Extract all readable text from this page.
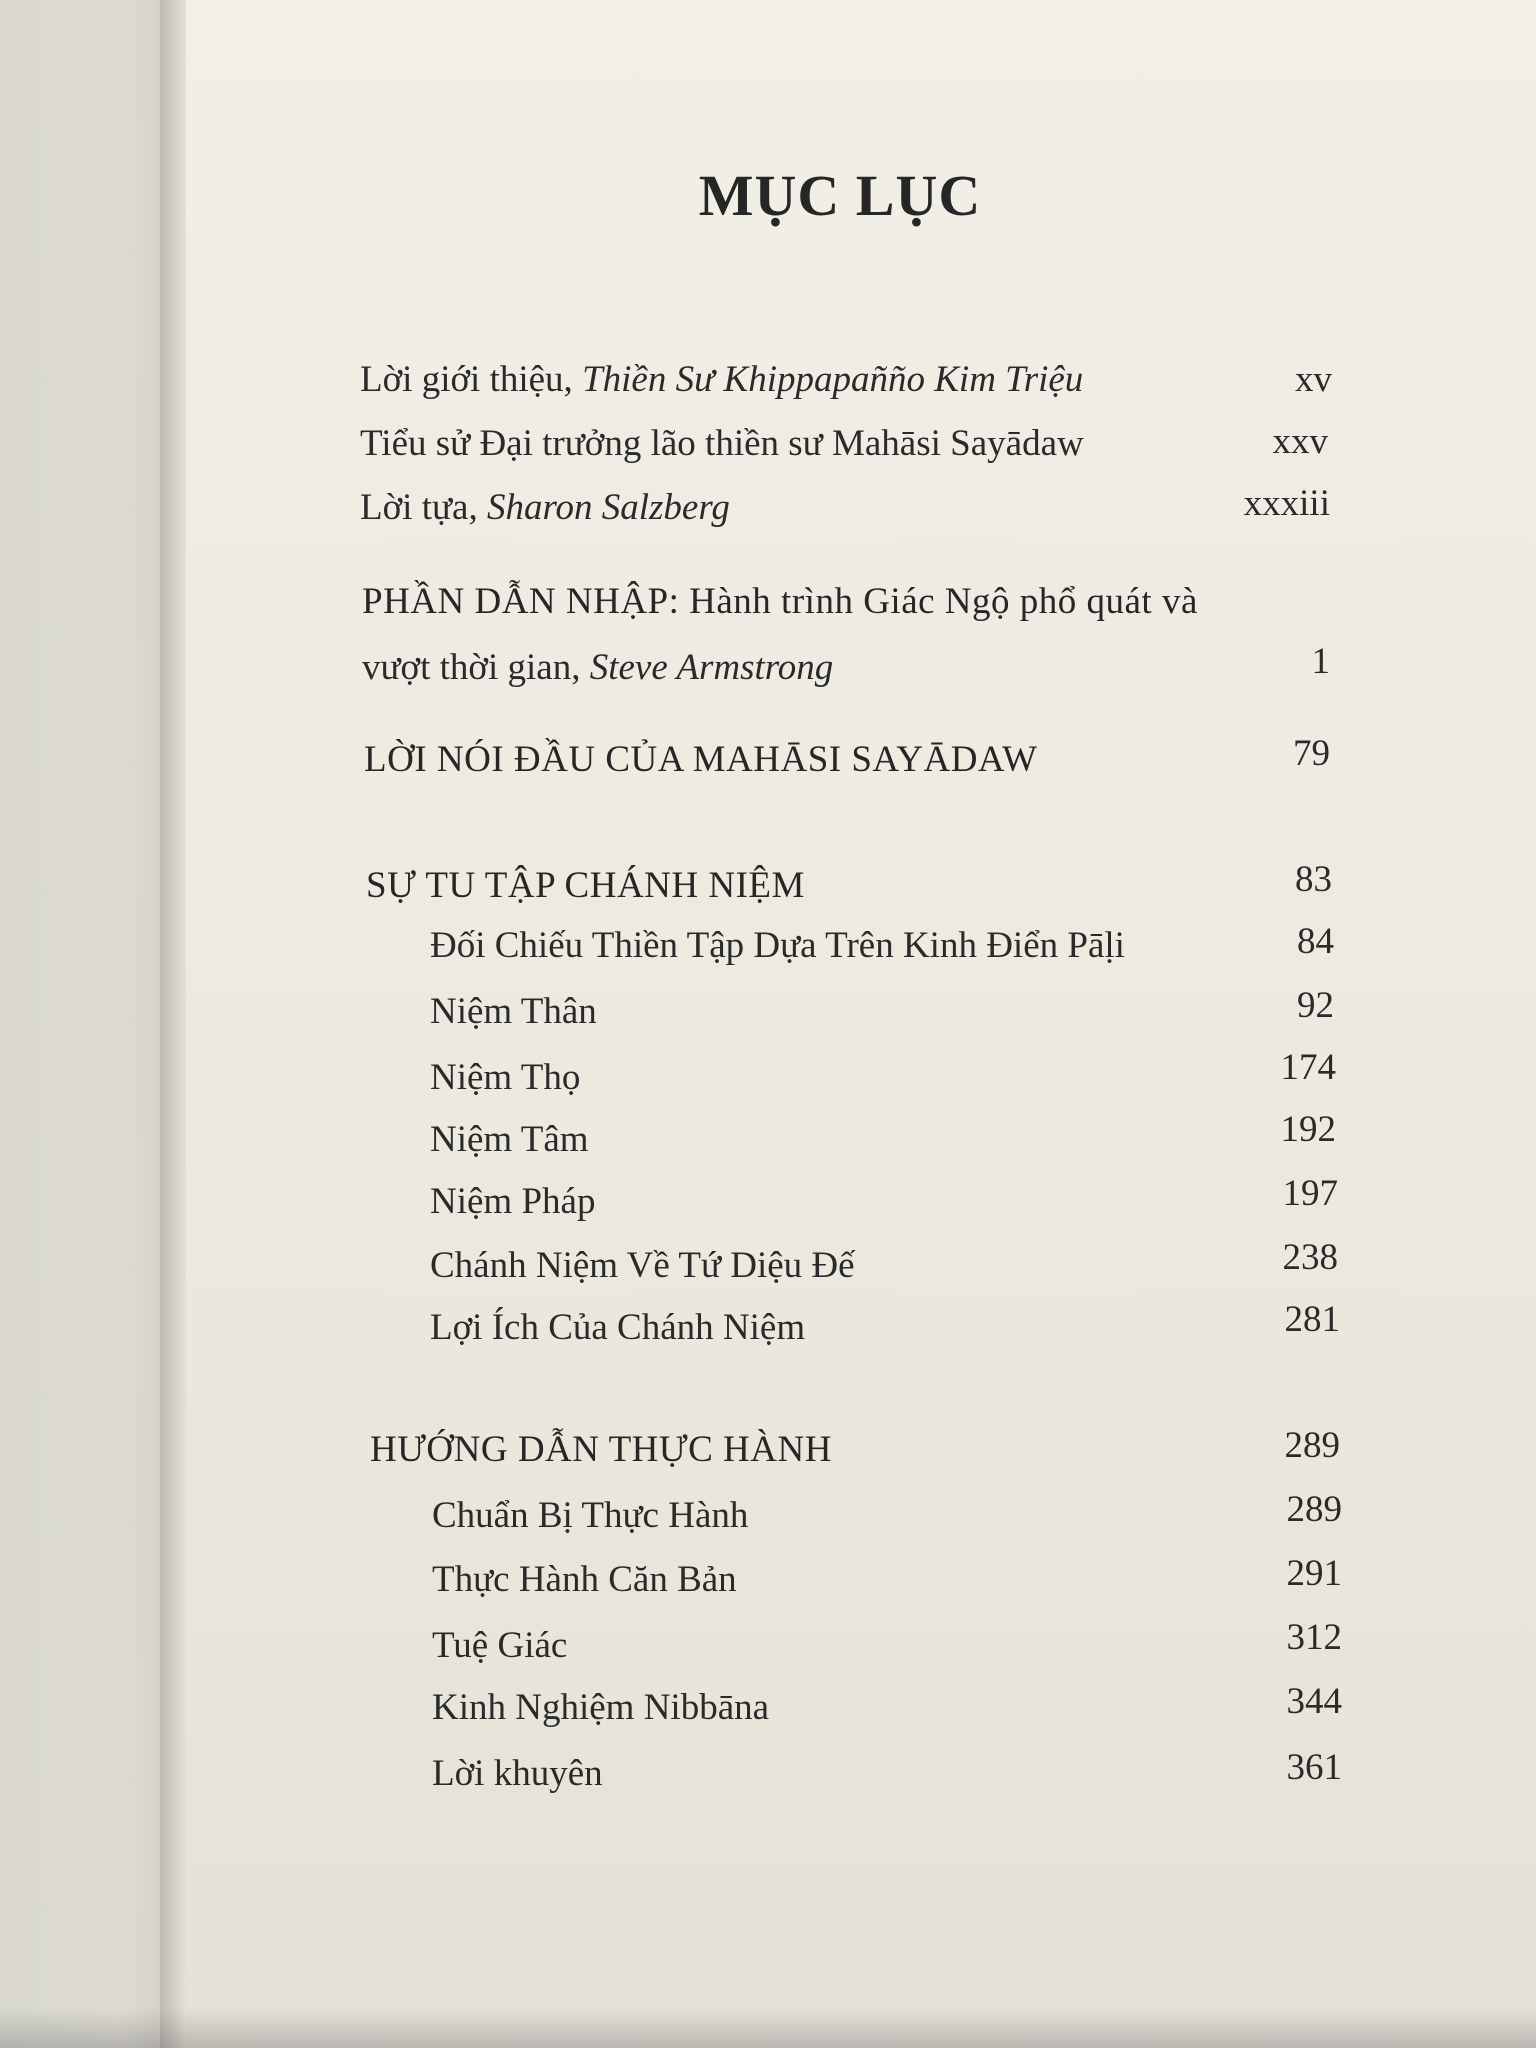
MỤC LỤC
Lời giới thiệu, Thiền Sư Khippapañño Kim Triệu	xv
Tiểu sử Đại trưởng lão thiền sư Mahāsi Sayādaw	xxv
Lời tựa, Sharon Salzberg	xxxiii
PHẦN DẪN NHẬP: Hành trình Giác Ngộ phổ quát và
vượt thời gian, Steve Armstrong	1
LỜI NÓI ĐẦU CỦA MAHĀSI SAYĀDAW	79
SỰ TU TẬP CHÁNH NIỆM	83
Đối Chiếu Thiền Tập Dựa Trên Kinh Điển Pāḷi	84
Niệm Thân	92
Niệm Thọ	174
Niệm Tâm	192
Niệm Pháp	197
Chánh Niệm Về Tứ Diệu Đế	238
Lợi Ích Của Chánh Niệm	281
HƯỚNG DẪN THỰC HÀNH	289
Chuẩn Bị Thực Hành	289
Thực Hành Căn Bản	291
Tuệ Giác	312
Kinh Nghiệm Nibbāna	344
Lời khuyên	361
